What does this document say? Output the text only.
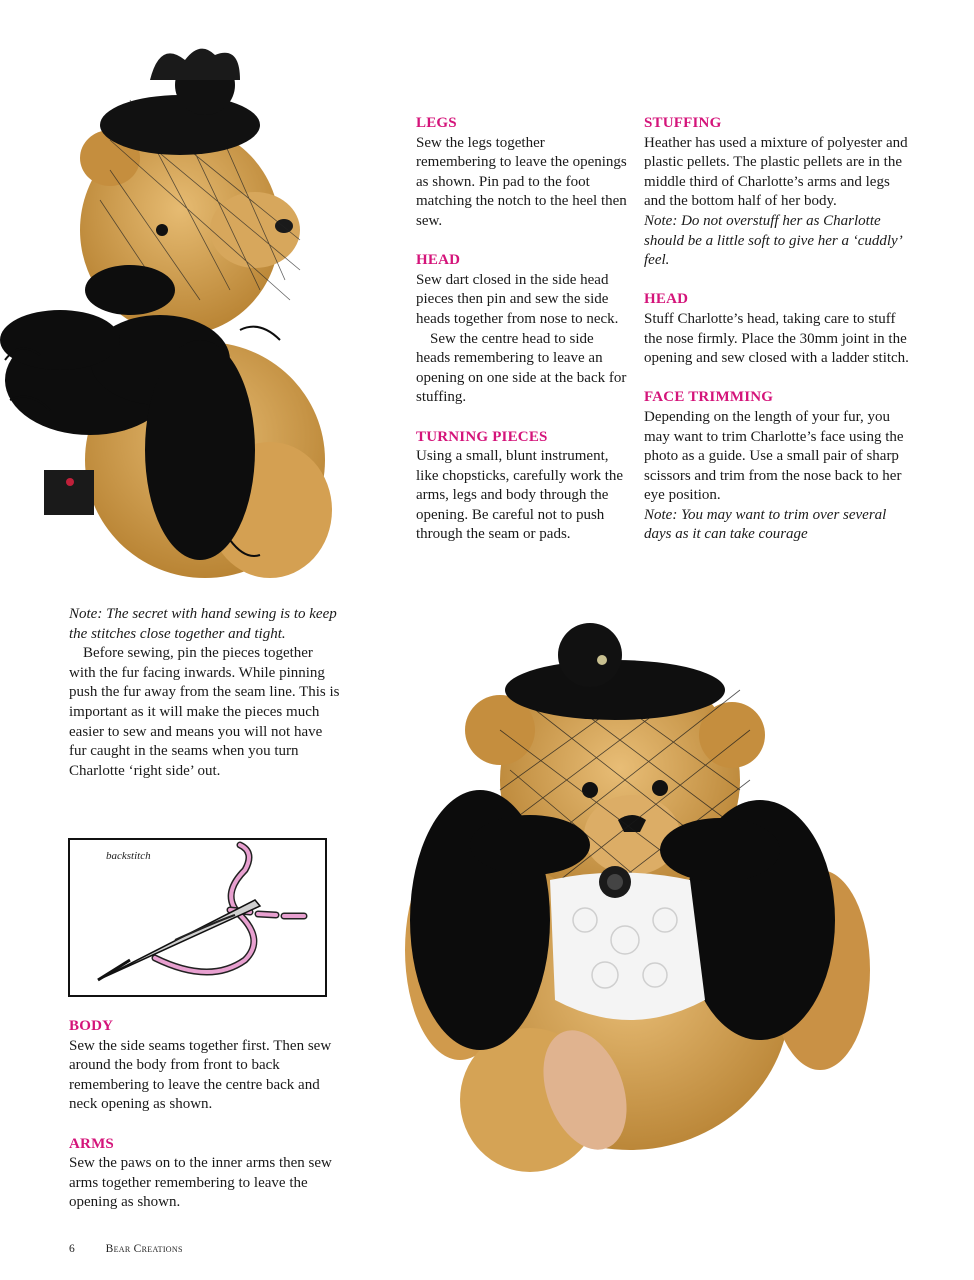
LEGS

Sew the legs together remembering to leave the openings as shown. Pin pad to the foot matching the notch to the heel then sew.

HEAD

Sew dart closed in the side head pieces then pin and sew the side heads together from nose to neck.

Sew the centre head to side heads remembering to leave an opening on one side at the back for stuffing.

TURNING PIECES

Using a small, blunt instrument, like chopsticks, carefully work the arms, legs and body through the opening. Be careful not to push through the seam or pads.

STUFFING

Heather has used a mixture of polyester and plastic pellets. The plastic pellets are in the middle third of Charlotte’s arms and legs and the bottom half of her body.

Note: Do not overstuff her as Charlotte should be a little soft to give her a ‘cuddly’ feel.

HEAD

Stuff Charlotte’s head, taking care to stuff the nose firmly. Place the 30mm joint in the opening and sew closed with a ladder stitch.

FACE TRIMMING

Depending on the length of your fur, you may want to trim Charlotte’s face using the photo as a guide. Use a small pair of sharp scissors and trim from the nose back to her eye position.

Note: You may want to trim over several days as it can take courage

Note: The secret with hand sewing is to keep the stitches close together and tight.

Before sewing, pin the pieces together with the fur facing inwards. While pinning push the fur away from the seam line. This is important as it will make the pieces much easier to sew and means you will not have fur caught in the seams when you turn Charlotte ‘right side’ out.

backstitch

BODY

Sew the side seams together first. Then sew around the body from front to back remembering to leave the centre back and neck opening as shown.

ARMS

Sew the paws on to the inner arms then sew arms together remembering to leave the opening as shown.

6	Bear Creations
